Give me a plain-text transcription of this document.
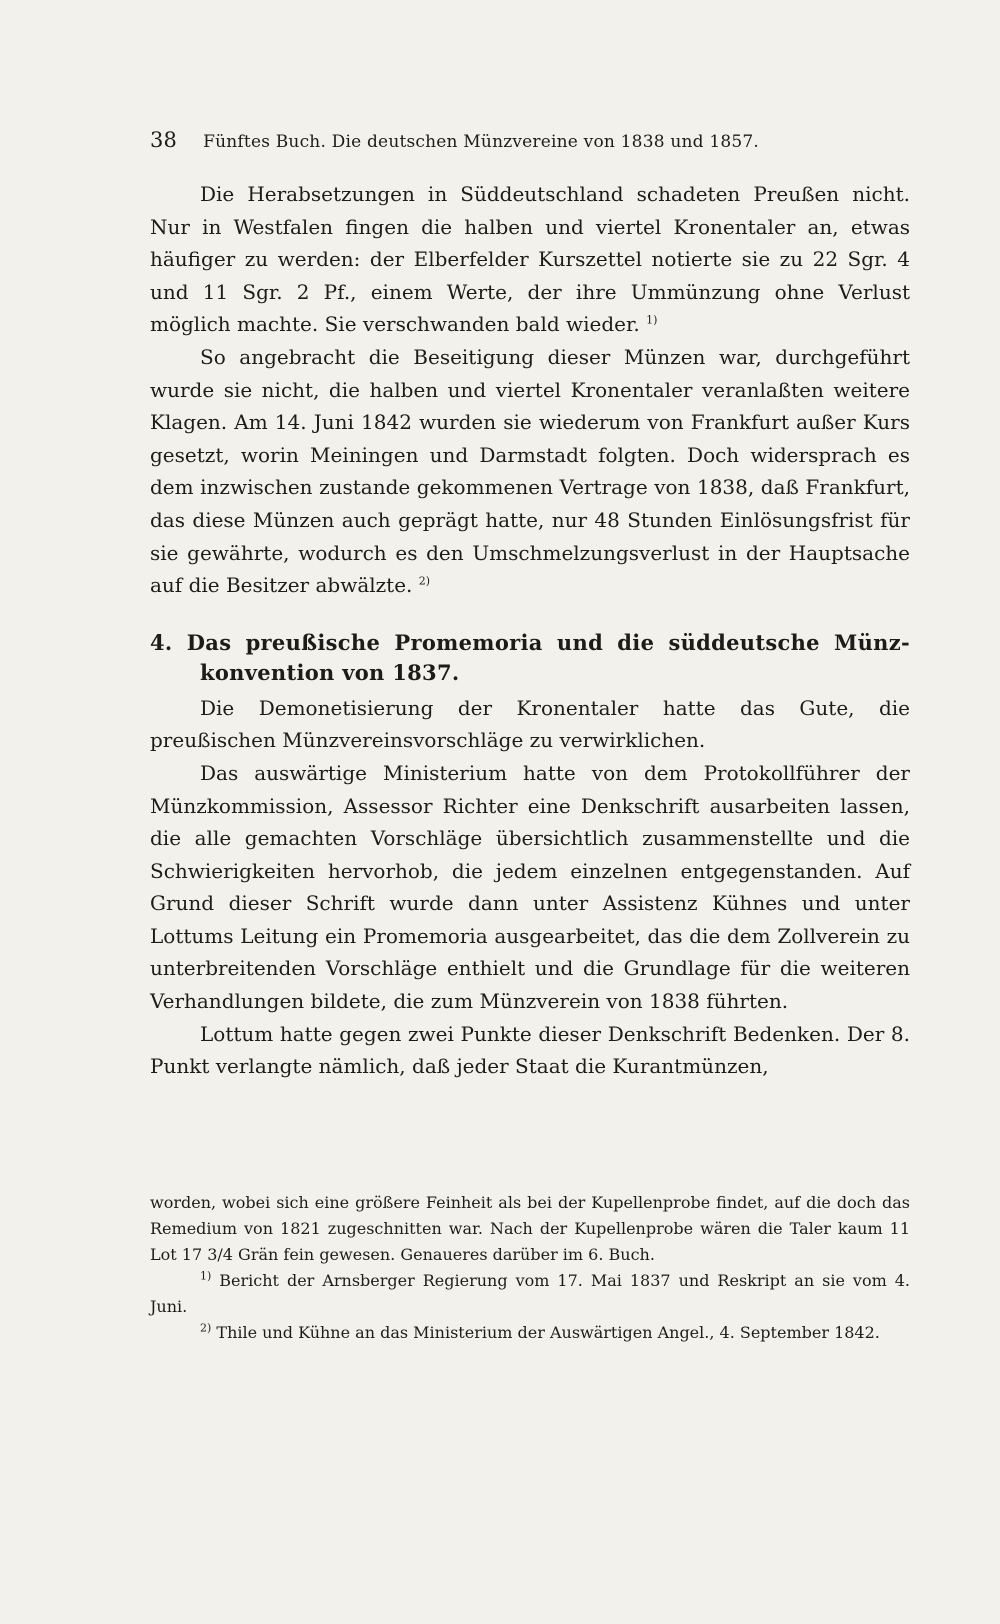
38 Fünftes Buch. Die deutschen Münzvereine von 1838 und 1857.

Die Herabsetzungen in Süddeutschland schadeten Preußen nicht. Nur in Westfalen fingen die halben und viertel Kronentaler an, etwas häufiger zu werden: der Elberfelder Kurszettel notierte sie zu 22 Sgr. 4 und 11 Sgr. 2 Pf., einem Werte, der ihre Ummünzung ohne Verlust möglich machte. Sie verschwanden bald wieder. $^{1)}$

So angebracht die Beseitigung dieser Münzen war, durchgeführt wurde sie nicht, die halben und viertel Kronentaler veranlaßten weitere Klagen. Am 14. Juni 1842 wurden sie wiederum von Frankfurt außer Kurs gesetzt, worin Meiningen und Darmstadt folgten. Doch widersprach es dem inzwischen zustande gekommenen Vertrage von 1838, daß Frankfurt, das diese Münzen auch geprägt hatte, nur 48 Stunden Einlösungsfrist für sie gewährte, wodurch es den Umschmelzungsverlust in der Hauptsache auf die Besitzer abwälzte. $^{2)}$

4. Das preußische Promemoria und die süddeutsche Münz-
konvention von 1837.

Die Demonetisierung der Kronentaler hatte das Gute, die preußischen Münzvereinsvorschläge zu verwirklichen.

Das auswärtige Ministerium hatte von dem Protokollführer der Münzkommission, Assessor Richter eine Denkschrift ausarbeiten lassen, die alle gemachten Vorschläge übersichtlich zusammenstellte und die Schwierigkeiten hervorhob, die jedem einzelnen entgegenstanden. Auf Grund dieser Schrift wurde dann unter Assistenz Kühnes und unter Lottums Leitung ein Promemoria ausgearbeitet, das die dem Zollverein zu unterbreitenden Vorschläge enthielt und die Grundlage für die weiteren Verhandlungen bildete, die zum Münzverein von 1838 führten.

Lottum hatte gegen zwei Punkte dieser Denkschrift Bedenken. Der 8. Punkt verlangte nämlich, daß jeder Staat die Kurantmünzen,

worden, wobei sich eine größere Feinheit als bei der Kupellenprobe findet, auf die doch das Remedium von 1821 zugeschnitten war. Nach der Kupellenprobe wären die Taler kaum 11 Lot 17 3/4 Grän fein gewesen. Genaueres darüber im 6. Buch.

$^{1)}$ Bericht der Arnsberger Regierung vom 17. Mai 1837 und Reskript an sie vom 4. Juni.

$^{2)}$ Thile und Kühne an das Ministerium der Auswärtigen Angel., 4. September 1842.
